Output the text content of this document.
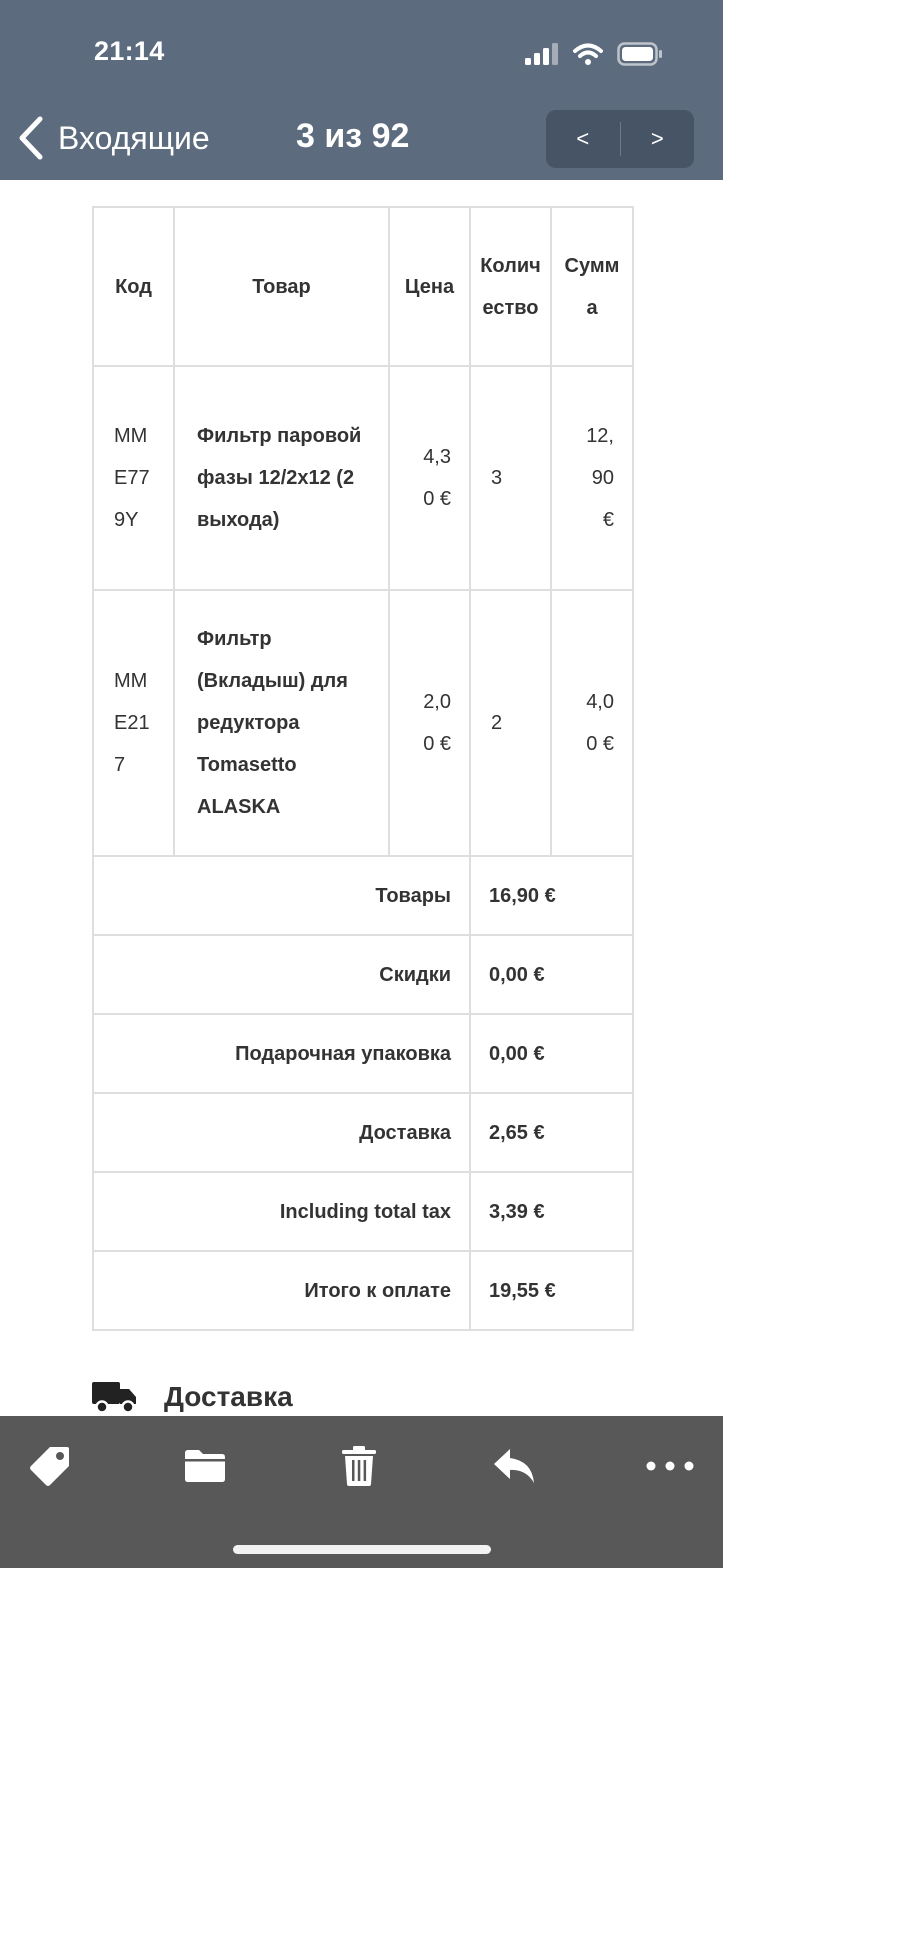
21:14
Входящие	3 из 92	<	>
Код	Товар	Цена	Количество	Сумма
MME779Y	Фильтр паровой фазы 12/2x12 (2 выхода)	4,30 €	3	12,90 €
MME217	Фильтр (Вкладыш) для редуктора Tomasetto ALASKA	2,00 €	2	4,00 €
Товары			16,90 €	
Скидки			0,00 €	
Подарочная упаковка			0,00 €	
Доставка			2,65 €	
Including total tax			3,39 €	
Итого к оплате			19,55 €	
Доставка
